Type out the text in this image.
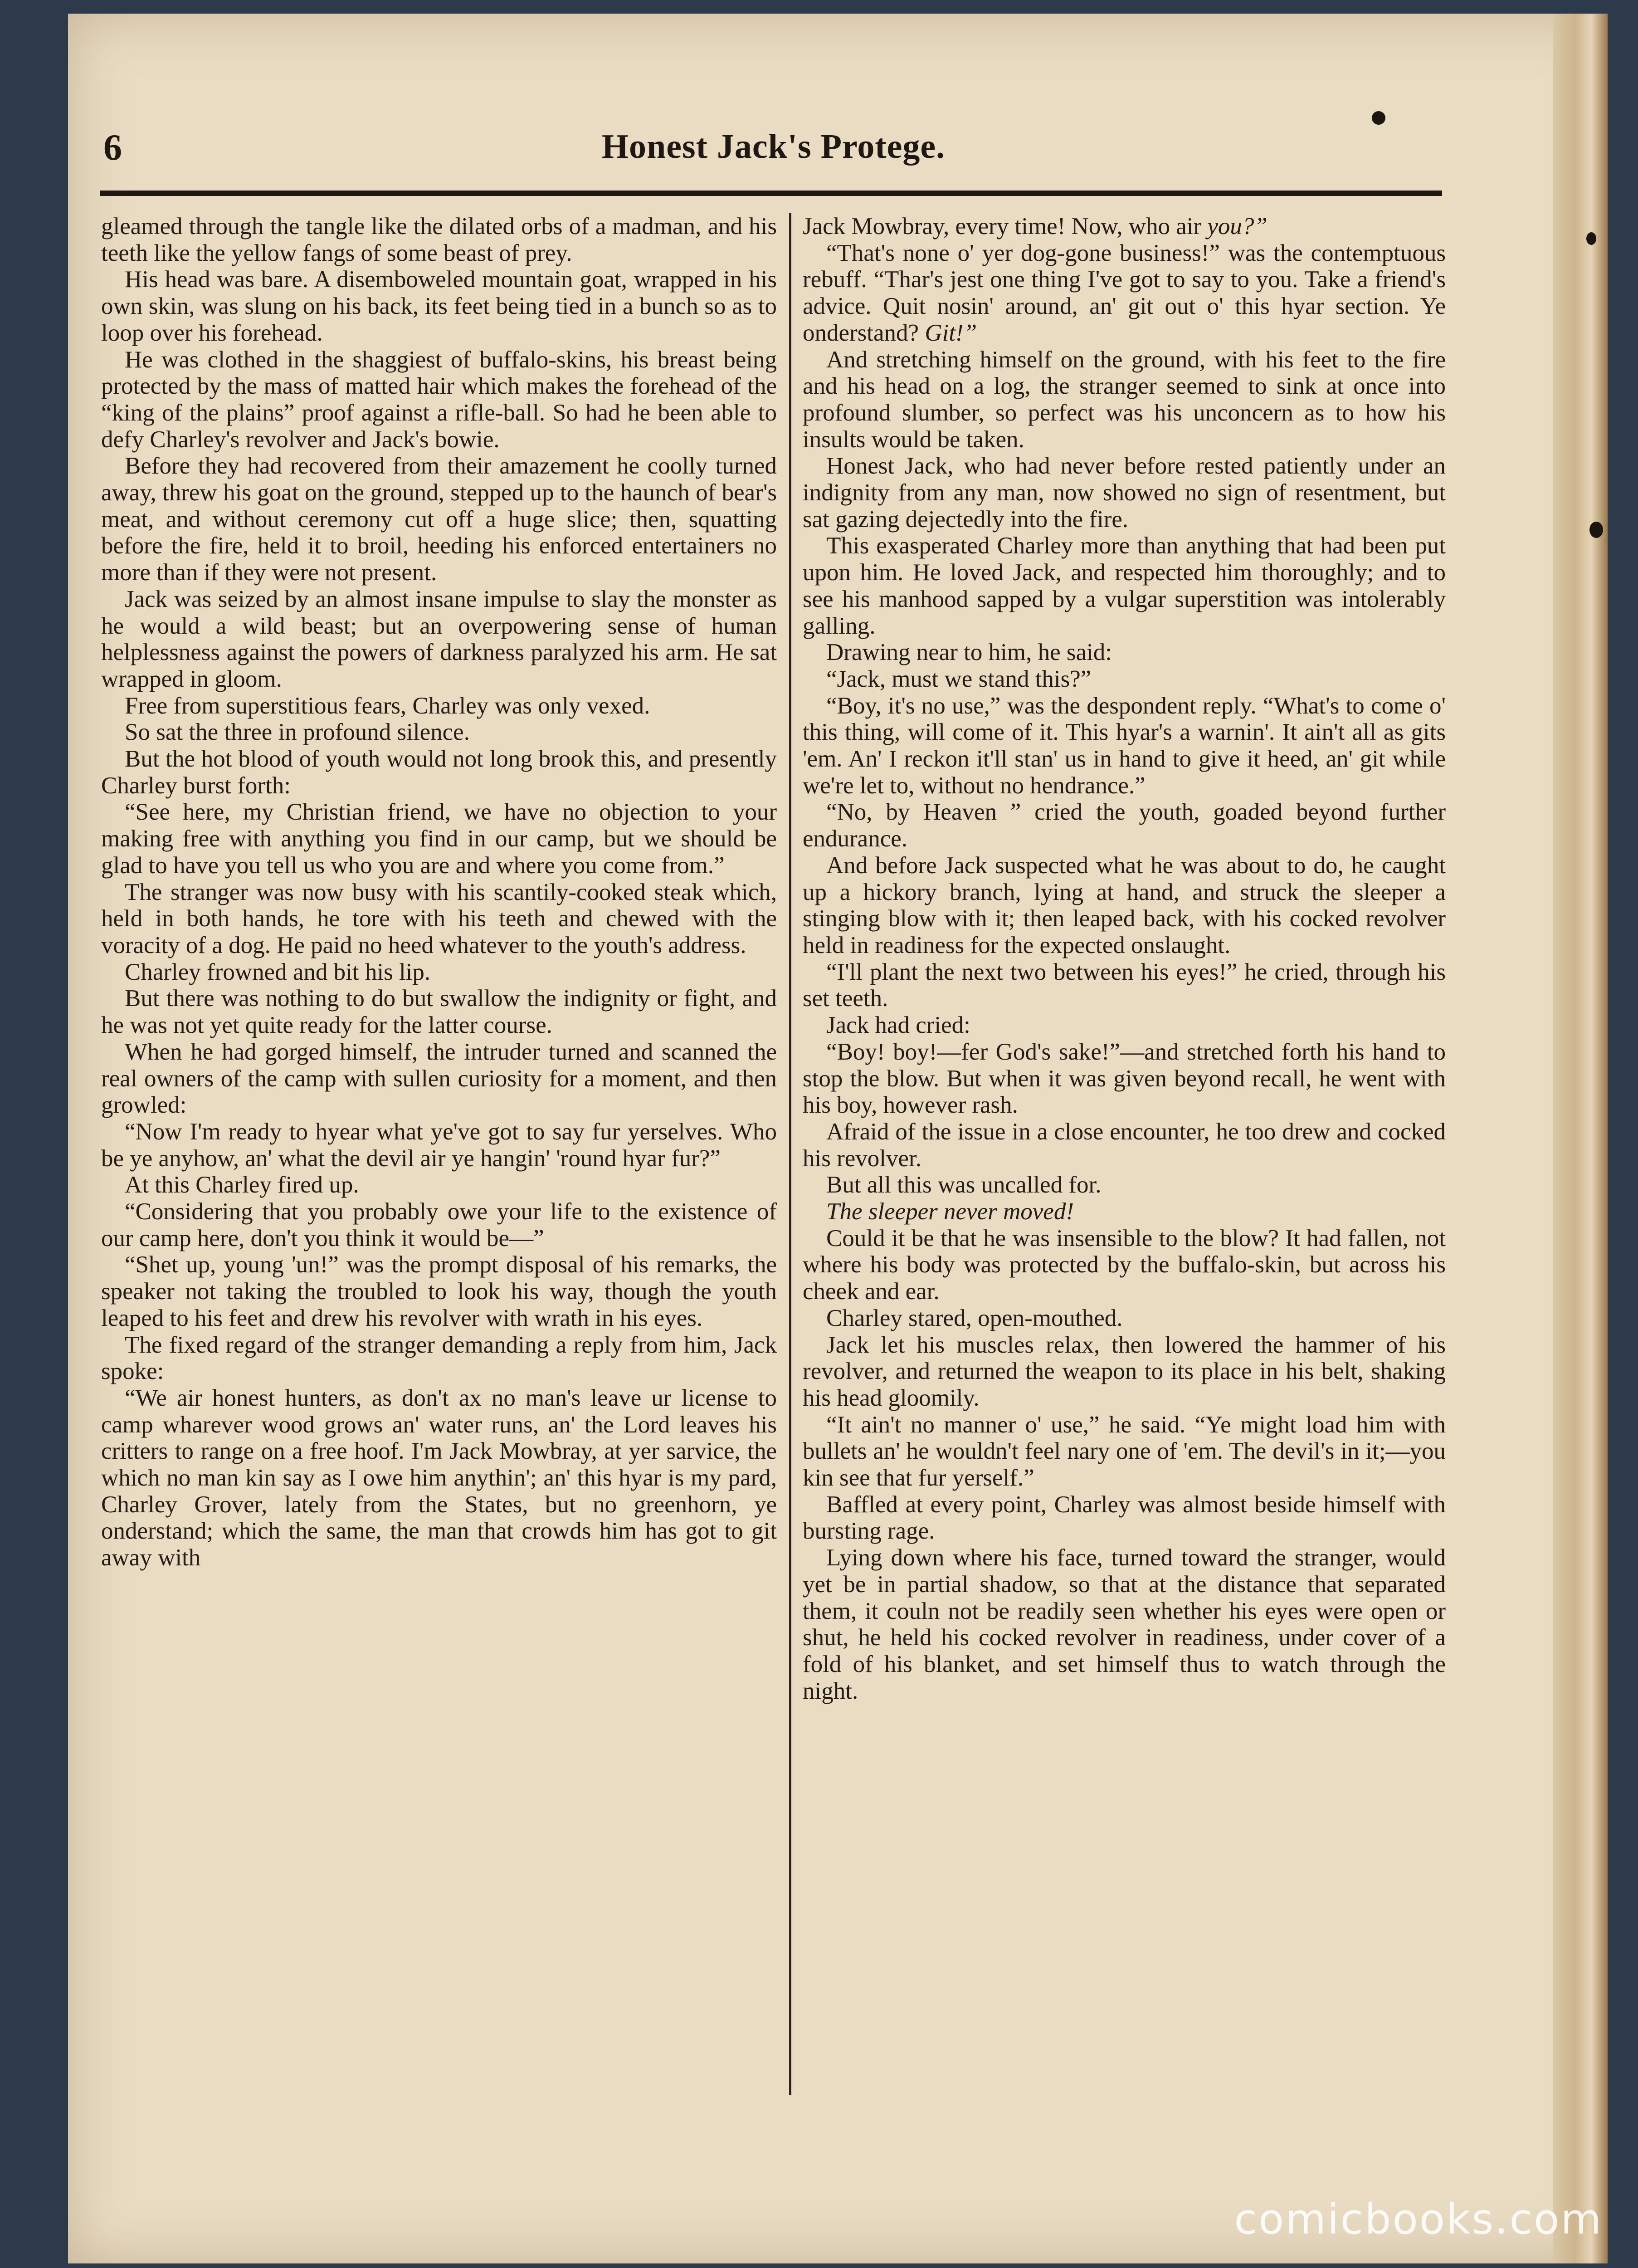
6	Honest Jack's Protege.

gleamed through the tangle like the dilated orbs of a madman, and his teeth like the yellow fangs of some beast of prey.

His head was bare. A disemboweled mountain goat, wrapped in his own skin, was slung on his back, its feet being tied in a bunch so as to loop over his forehead.

He was clothed in the shaggiest of buffalo-skins, his breast being protected by the mass of matted hair which makes the forehead of the “king of the plains” proof against a rifle-ball. So had he been able to defy Charley's revolver and Jack's bowie.

Before they had recovered from their amazement he coolly turned away, threw his goat on the ground, stepped up to the haunch of bear's meat, and without ceremony cut off a huge slice; then, squatting before the fire, held it to broil, heeding his enforced entertainers no more than if they were not present.

Jack was seized by an almost insane impulse to slay the monster as he would a wild beast; but an overpowering sense of human helplessness against the powers of darkness paralyzed his arm. He sat wrapped in gloom.

Free from superstitious fears, Charley was only vexed.

So sat the three in profound silence.

But the hot blood of youth would not long brook this, and presently Charley burst forth:

“See here, my Christian friend, we have no objection to your making free with anything you find in our camp, but we should be glad to have you tell us who you are and where you come from.”

The stranger was now busy with his scantily-cooked steak which, held in both hands, he tore with his teeth and chewed with the voracity of a dog. He paid no heed whatever to the youth's address.

Charley frowned and bit his lip.

But there was nothing to do but swallow the indignity or fight, and he was not yet quite ready for the latter course.

When he had gorged himself, the intruder turned and scanned the real owners of the camp with sullen curiosity for a moment, and then growled:

“Now I'm ready to hyear what ye've got to say fur yerselves. Who be ye anyhow, an' what the devil air ye hangin' 'round hyar fur?”

At this Charley fired up.

“Considering that you probably owe your life to the existence of our camp here, don't you think it would be—”

“Shet up, young 'un!” was the prompt disposal of his remarks, the speaker not taking the troubled to look his way, though the youth leaped to his feet and drew his revolver with wrath in his eyes.

The fixed regard of the stranger demanding a reply from him, Jack spoke:

“We air honest hunters, as don't ax no man's leave ur license to camp wharever wood grows an' water runs, an' the Lord leaves his critters to range on a free hoof. I'm Jack Mowbray, at yer sarvice, the which no man kin say as I owe him anythin'; an' this hyar is my pard, Charley Grover, lately from the States, but no greenhorn, ye onderstand; which the same, the man that crowds him has got to git away with

Jack Mowbray, every time! Now, who air you?”

“That's none o' yer dog-gone business!” was the contemptuous rebuff. “Thar's jest one thing I've got to say to you. Take a friend's advice. Quit nosin' around, an' git out o' this hyar section. Ye onderstand? Git!”

And stretching himself on the ground, with his feet to the fire and his head on a log, the stranger seemed to sink at once into profound slumber, so perfect was his unconcern as to how his insults would be taken.

Honest Jack, who had never before rested patiently under an indignity from any man, now showed no sign of resentment, but sat gazing dejectedly into the fire.

This exasperated Charley more than anything that had been put upon him. He loved Jack, and respected him thoroughly; and to see his manhood sapped by a vulgar superstition was intolerably galling.

Drawing near to him, he said:

“Jack, must we stand this?”

“Boy, it's no use,” was the despondent reply. “What's to come o' this thing, will come of it. This hyar's a warnin'. It ain't all as gits 'em. An' I reckon it'll stan' us in hand to give it heed, an' git while we're let to, without no hendrance.”

“No, by Heaven ” cried the youth, goaded beyond further endurance.

And before Jack suspected what he was about to do, he caught up a hickory branch, lying at hand, and struck the sleeper a stinging blow with it; then leaped back, with his cocked revolver held in readiness for the expected onslaught.

“I'll plant the next two between his eyes!” he cried, through his set teeth.

Jack had cried:

“Boy! boy!—fer God's sake!”—and stretched forth his hand to stop the blow. But when it was given beyond recall, he went with his boy, however rash.

Afraid of the issue in a close encounter, he too drew and cocked his revolver.

But all this was uncalled for.

The sleeper never moved!

Could it be that he was insensible to the blow? It had fallen, not where his body was protected by the buffalo-skin, but across his cheek and ear.

Charley stared, open-mouthed.

Jack let his muscles relax, then lowered the hammer of his revolver, and returned the weapon to its place in his belt, shaking his head gloomily.

“It ain't no manner o' use,” he said. “Ye might load him with bullets an' he wouldn't feel nary one of 'em. The devil's in it;—you kin see that fur yerself.”

Baffled at every point, Charley was almost beside himself with bursting rage.

Lying down where his face, turned toward the stranger, would yet be in partial shadow, so that at the distance that separated them, it couln not be readily seen whether his eyes were open or shut, he held his cocked revolver in readiness, under cover of a fold of his blanket, and set himself thus to watch through the night.

comicbooks.com
